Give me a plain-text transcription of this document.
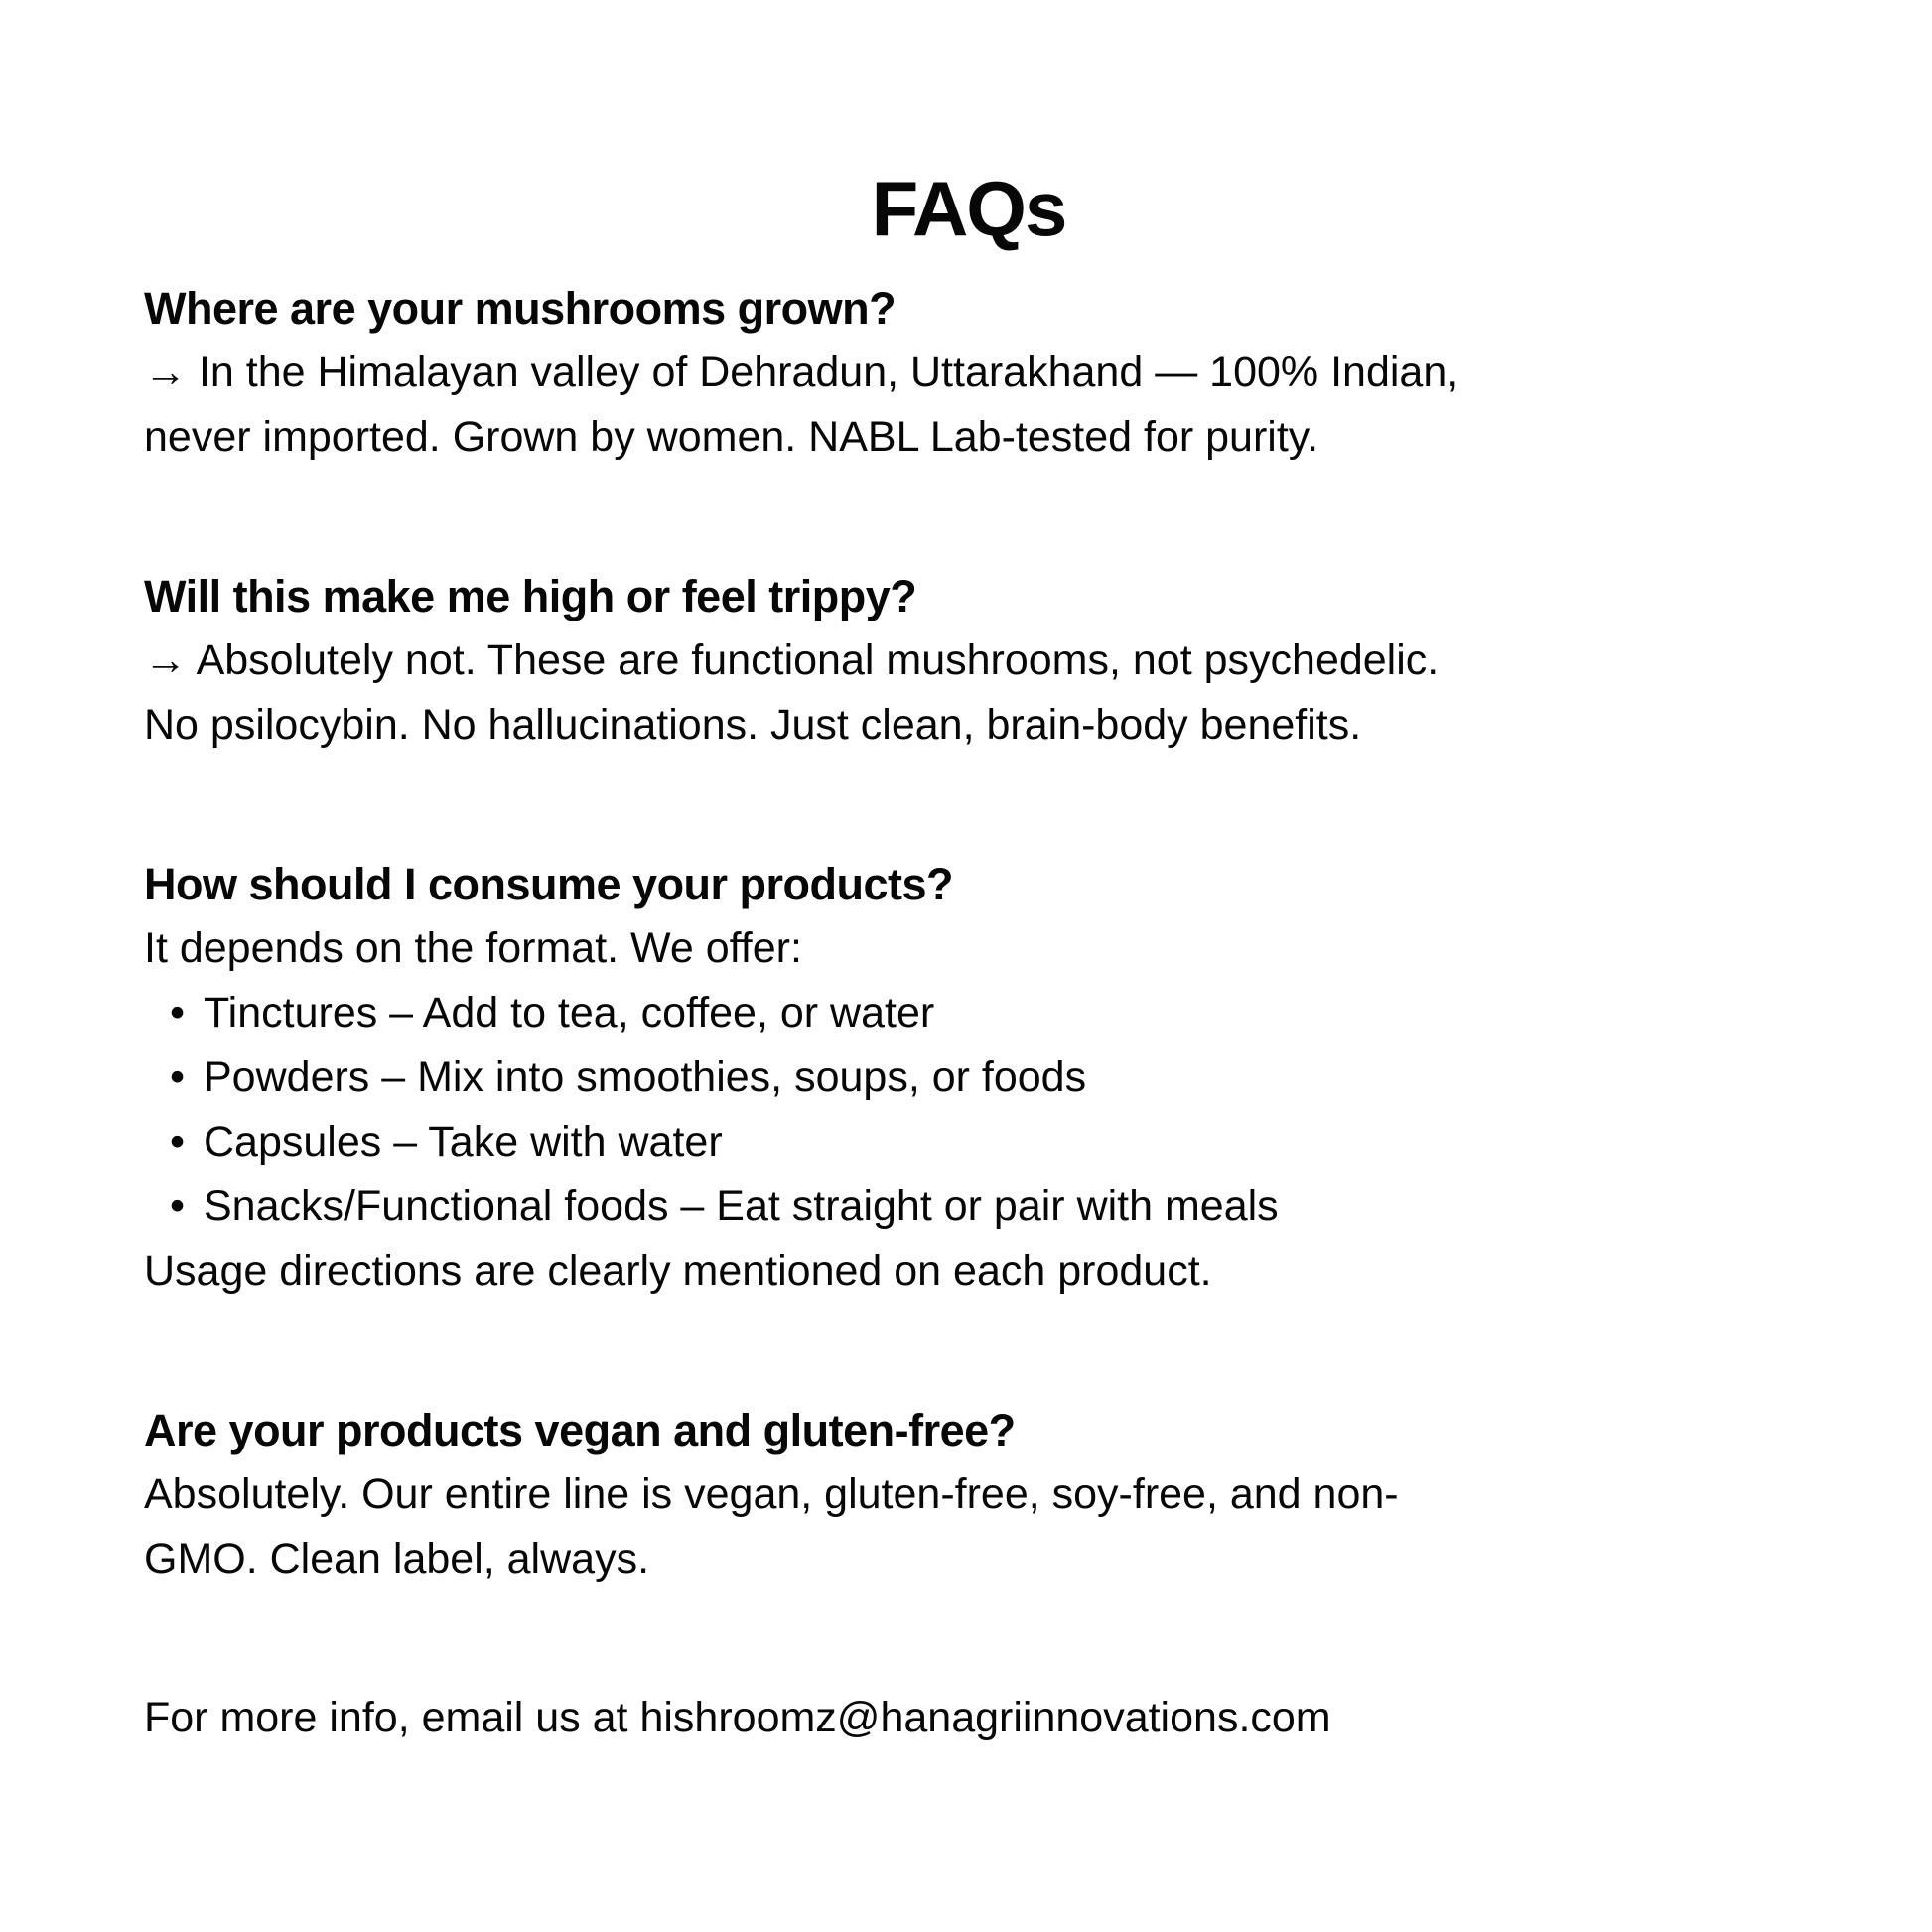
FAQs
Where are your mushrooms grown?
→ In the Himalayan valley of Dehradun, Uttarakhand — 100% Indian,
never imported. Grown by women. NABL Lab-tested for purity.
Will this make me high or feel trippy?
→ Absolutely not. These are functional mushrooms, not psychedelic.
No psilocybin. No hallucinations. Just clean, brain-body benefits.
How should I consume your products?
It depends on the format. We offer:
• Tinctures – Add to tea, coffee, or water
• Powders – Mix into smoothies, soups, or foods
• Capsules – Take with water
• Snacks/Functional foods – Eat straight or pair with meals
Usage directions are clearly mentioned on each product.
Are your products vegan and gluten-free?
Absolutely. Our entire line is vegan, gluten-free, soy-free, and non-
GMO. Clean label, always.
For more info, email us at hishroomz@hanagriinnovations.com
